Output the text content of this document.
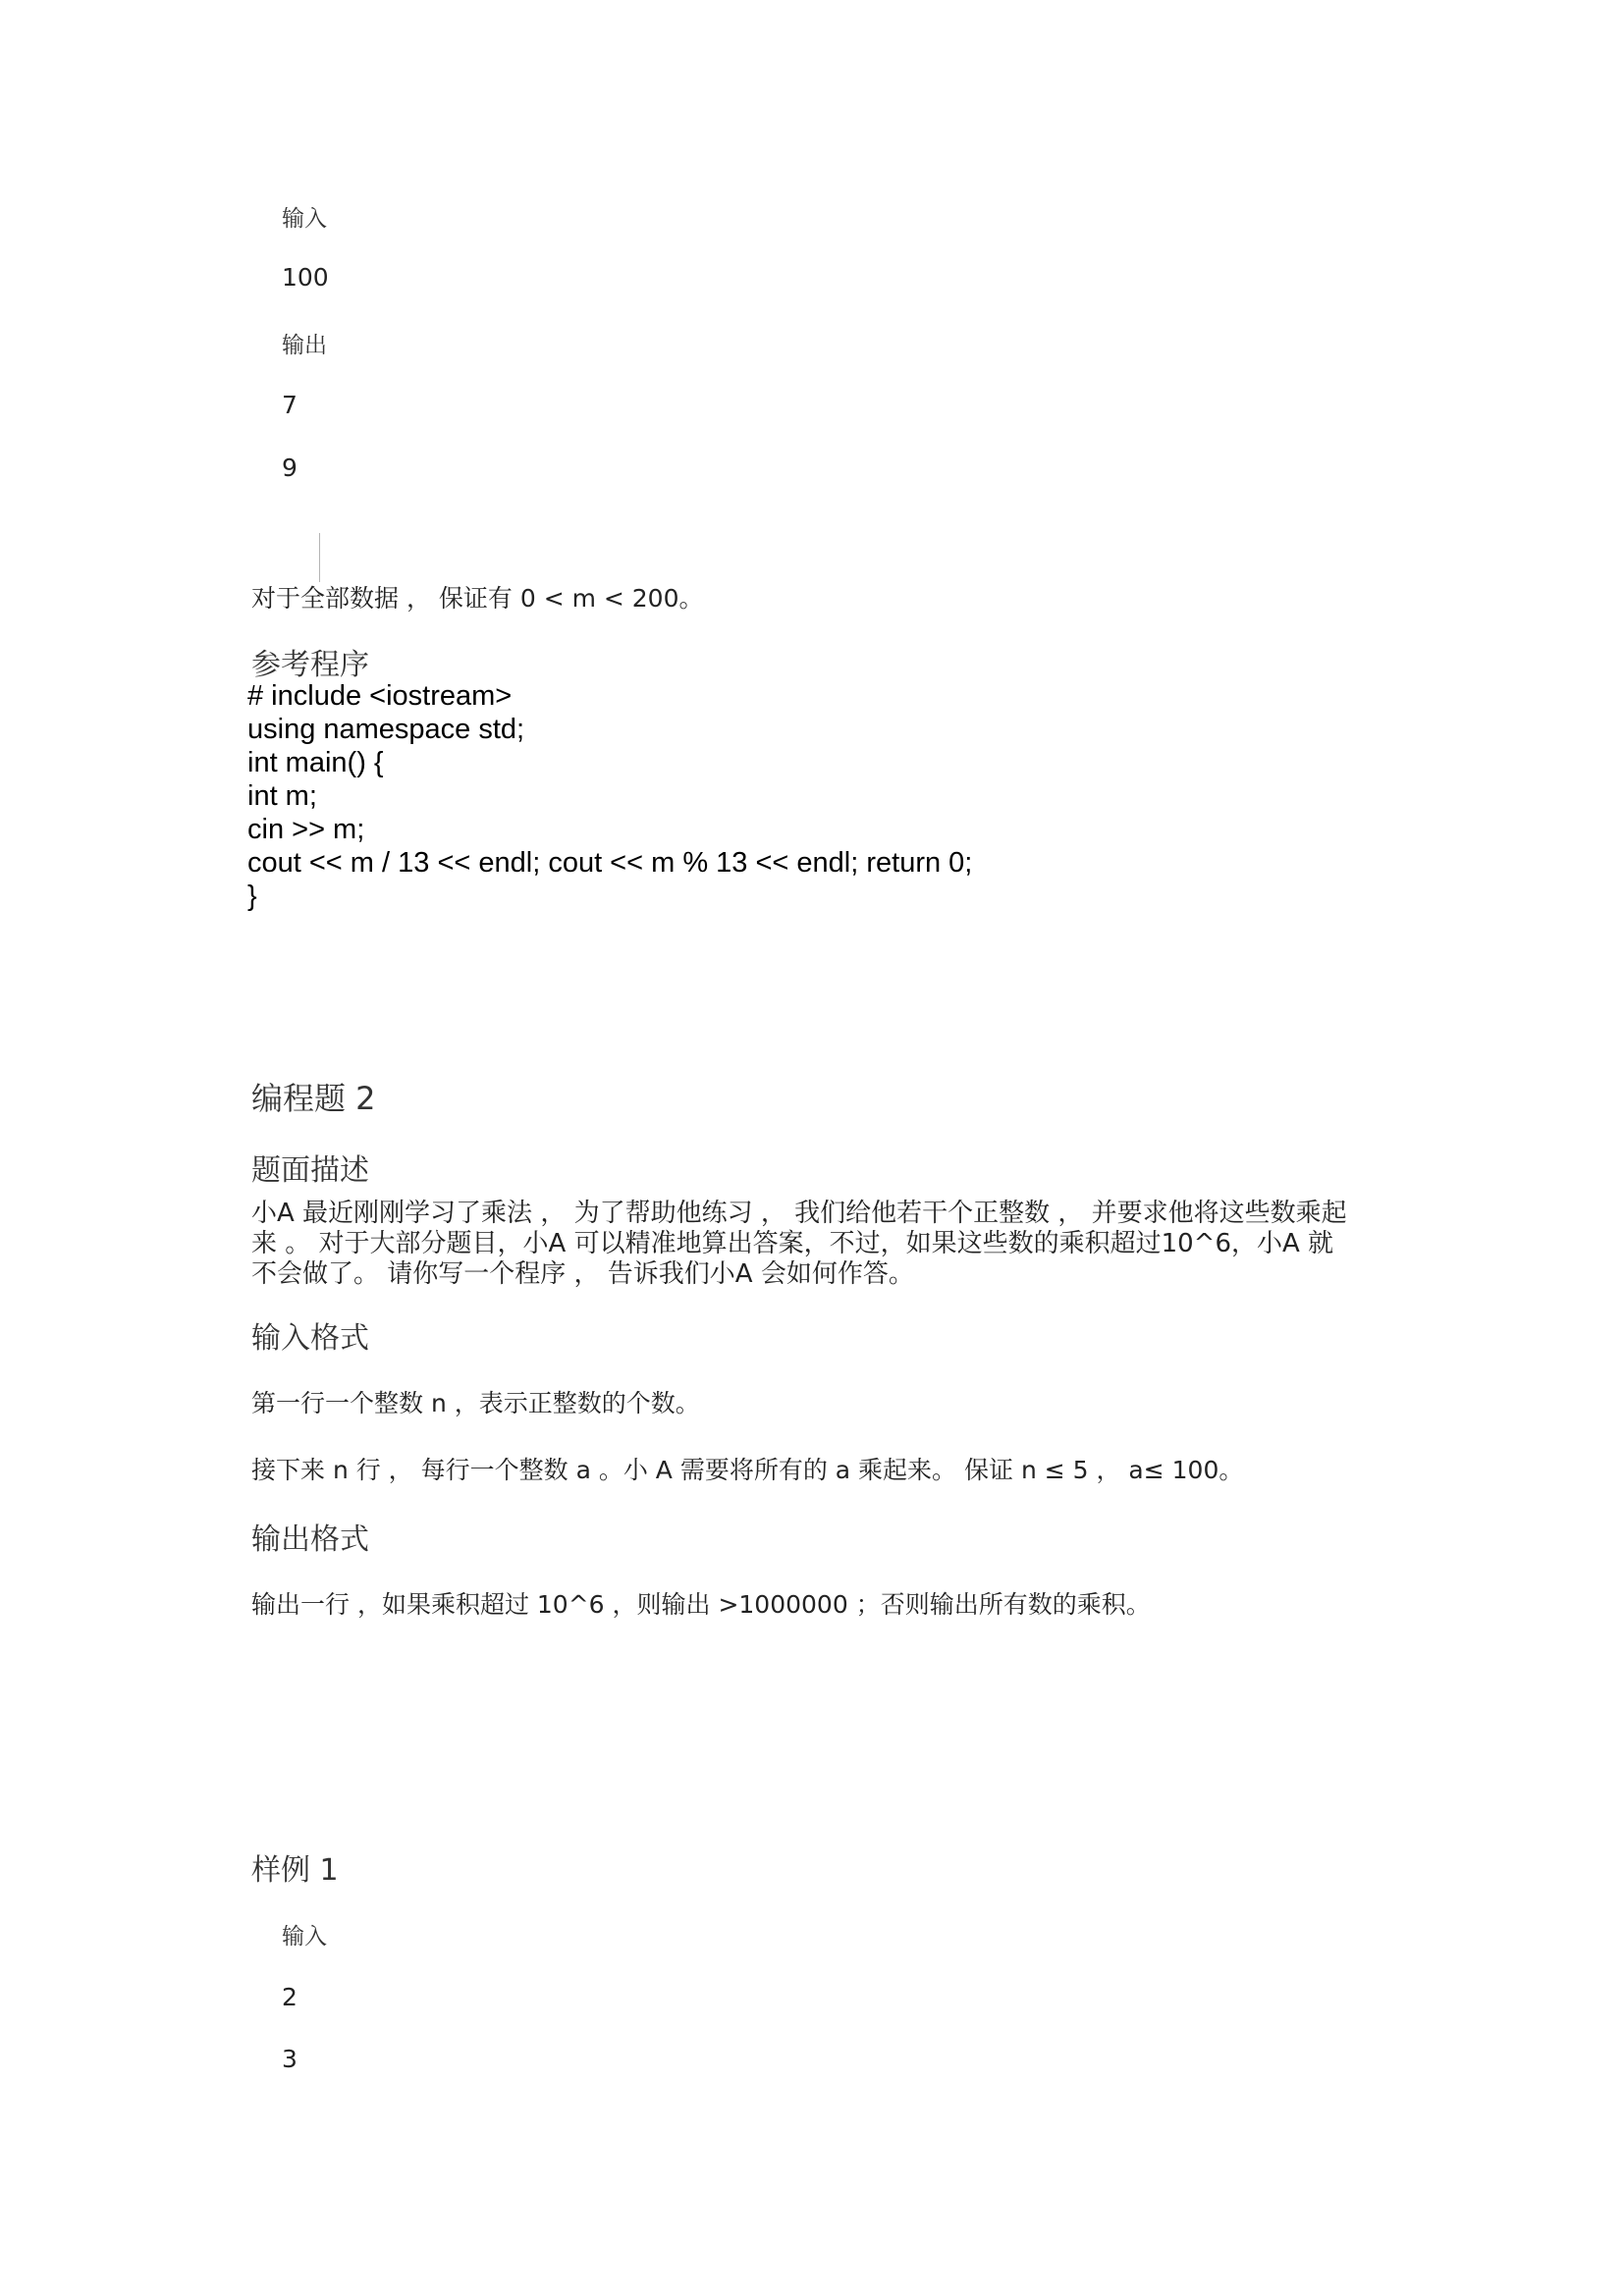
输入
100
输出
7
9
对于全部数据 ， 保证有 0 < m < 200。
参考程序
# include <iostream>
using namespace std;
int main() {
int m;
cin >> m;
cout << m / 13 << endl; cout << m % 13 << endl; return 0;
}
编程题 2
题面描述

小A 最近刚刚学习了乘法 ， 为了帮助他练习 ， 我们给他若干个正整数 ， 并要求他将这些数乘起

来 。 对于大部分题目，小A 可以精准地算出答案，不过，如果这些数的乘积超过10^6，小A 就

不会做了。 请你写一个程序 ， 告诉我们小A 会如何作答。

输入格式
第一行一个整数 n ，表示正整数的个数。
接下来 n 行 ， 每行一个整数 a 。小 A 需要将所有的 a 乘起来。 保证 n ≤ 5 ， a≤ 100。
输出格式
输出一行 ，如果乘积超过 10^6 ，则输出 >1000000 ；否则输出所有数的乘积。
样例 1
输入
2
3
